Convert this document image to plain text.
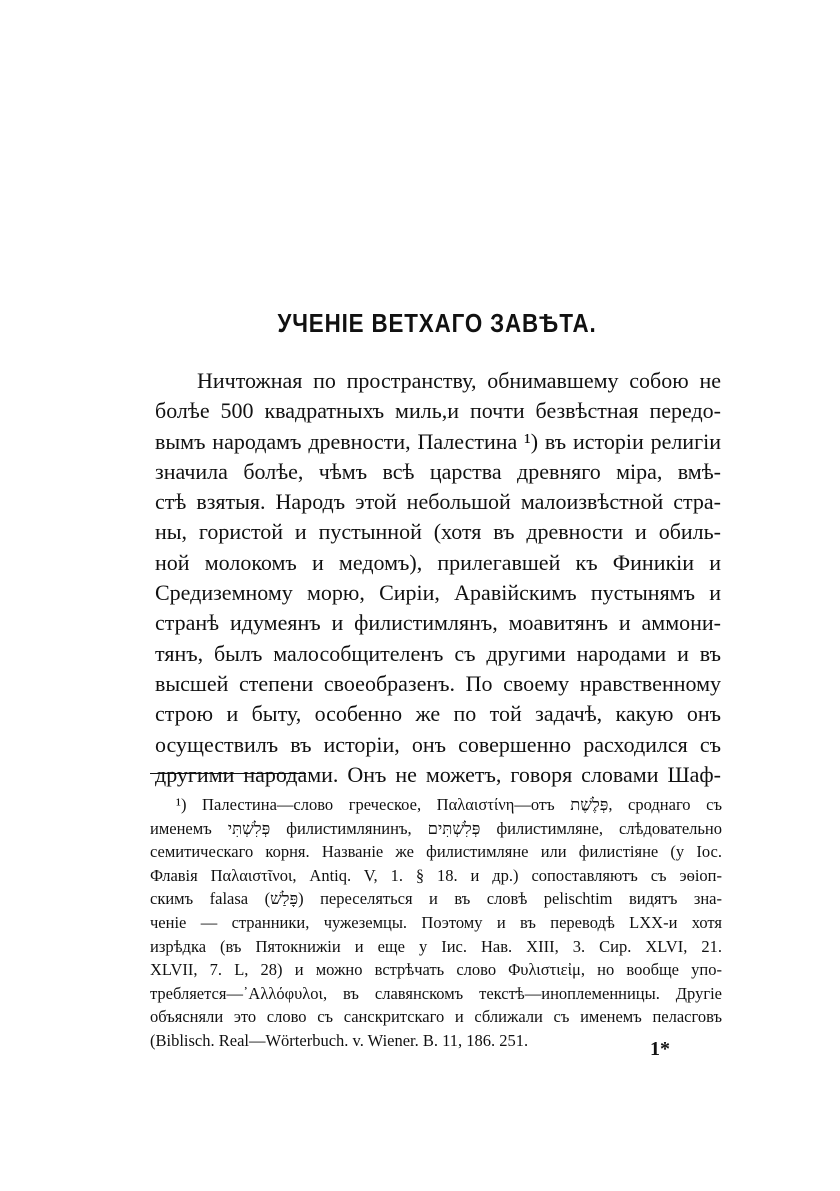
УЧЕНІЕ ВЕТХАГО ЗАВѢТА.
Ничтожная по пространству, обнимавшему собою не
болѣе 500 квадратныхъ миль,и почти безвѣстная передо-
вымъ народамъ древности, Палестина ¹) въ исторіи религіи
значила болѣе, чѣмъ всѣ царства древняго міра, вмѣ-
стѣ взятыя. Народъ этой небольшой малоизвѣстной стра-
ны, гористой и пустынной (хотя въ древности и обиль-
ной молокомъ и медомъ), прилегавшей къ Финикіи и
Средиземному морю, Сиріи, Аравійскимъ пустынямъ и
странѣ идумеянъ и филистимлянъ, моавитянъ и аммони-
тянъ, былъ малособщителенъ съ другими народами и въ
высшей степени своеобразенъ. По своему нравственному
строю и быту, особенно же по той задачѣ, какую онъ
осуществилъ въ исторіи, онъ совершенно расходился съ
другими народами. Онъ не можетъ, говоря словами Шаф-
¹) Палестина—слово греческое, Παλαιστίνη—отъ פְּלֶשֶׁת, сроднаго съ
именемъ פְּלִשְׁתִּי филистимлянинъ, פְּלִשְׁתִּים филистимляне, слѣдовательно
семитическаго корня. Названіе же филистимляне или филистіяне (у Іос.
Флавія Παλαιστῖνοι, Antiq. V, 1. § 18. и др.) сопоставляютъ съ эѳіоп-
скимъ falasa (פָּלַשׁ) переселяться и въ словѣ pelischtim видятъ зна-
ченіе — странники, чужеземцы. Поэтому и въ переводѣ LXX-и хотя
изрѣдка (въ Пятокнижіи и еще у Іис. Нав. XIII, 3. Сир. XLVI, 21.
XLVII, 7. L, 28) и можно встрѣчать слово Φυλιστιεἰμ, но вообще упо-
требляется—᾽Αλλόφυλοι, въ славянскомъ текстѣ—иноплеменницы. Другіе
объясняли это слово съ санскритскаго и сближали съ именемъ пеласговъ
(Biblisch. Real—Wörterbuch. v. Wiener. B. 11, 186. 251.	1*
